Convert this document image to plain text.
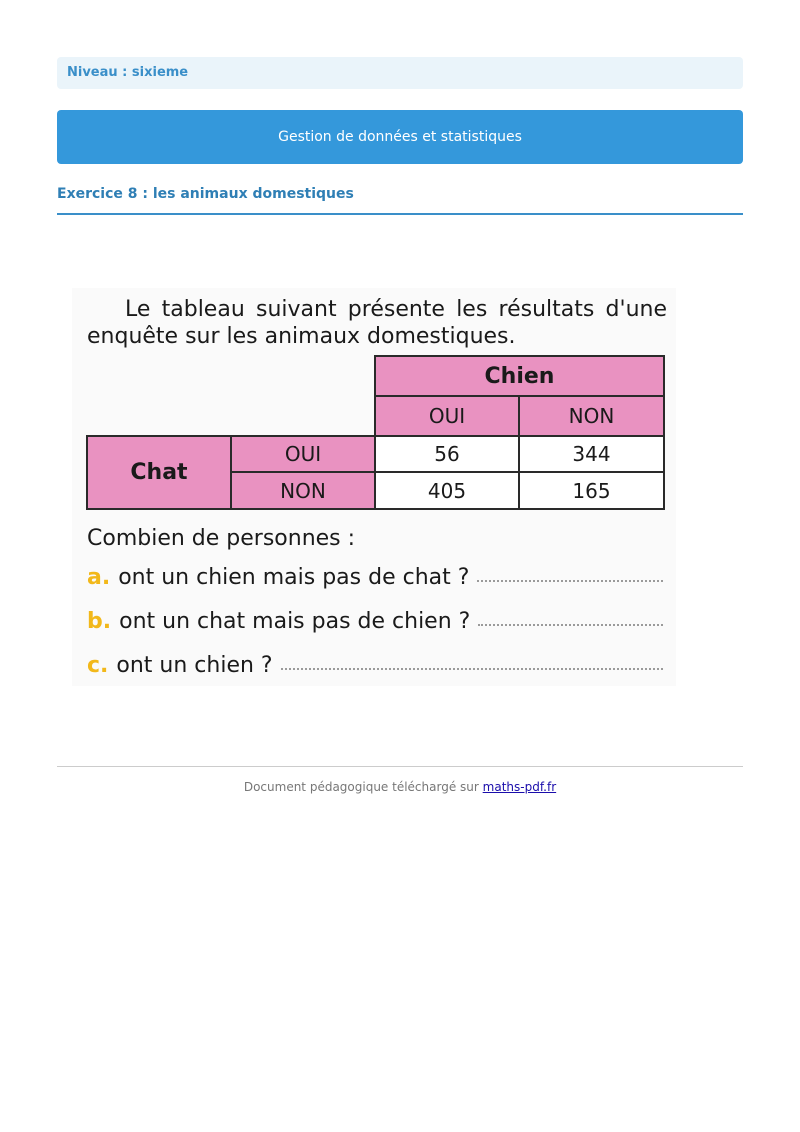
Niveau : sixieme
Gestion de données et statistiques
Exercice 8 : les animaux domestiques
Le tableau suivant présente les résultats d'une enquête sur les animaux domestiques.
		Chien	
		OUI	NON
Chat	OUI	56	344
	NON	405	165
Combien de personnes :
a. ont un chien mais pas de chat ?
b. ont un chat mais pas de chien ?
c. ont un chien ?
Document pédagogique téléchargé sur maths-pdf.fr
